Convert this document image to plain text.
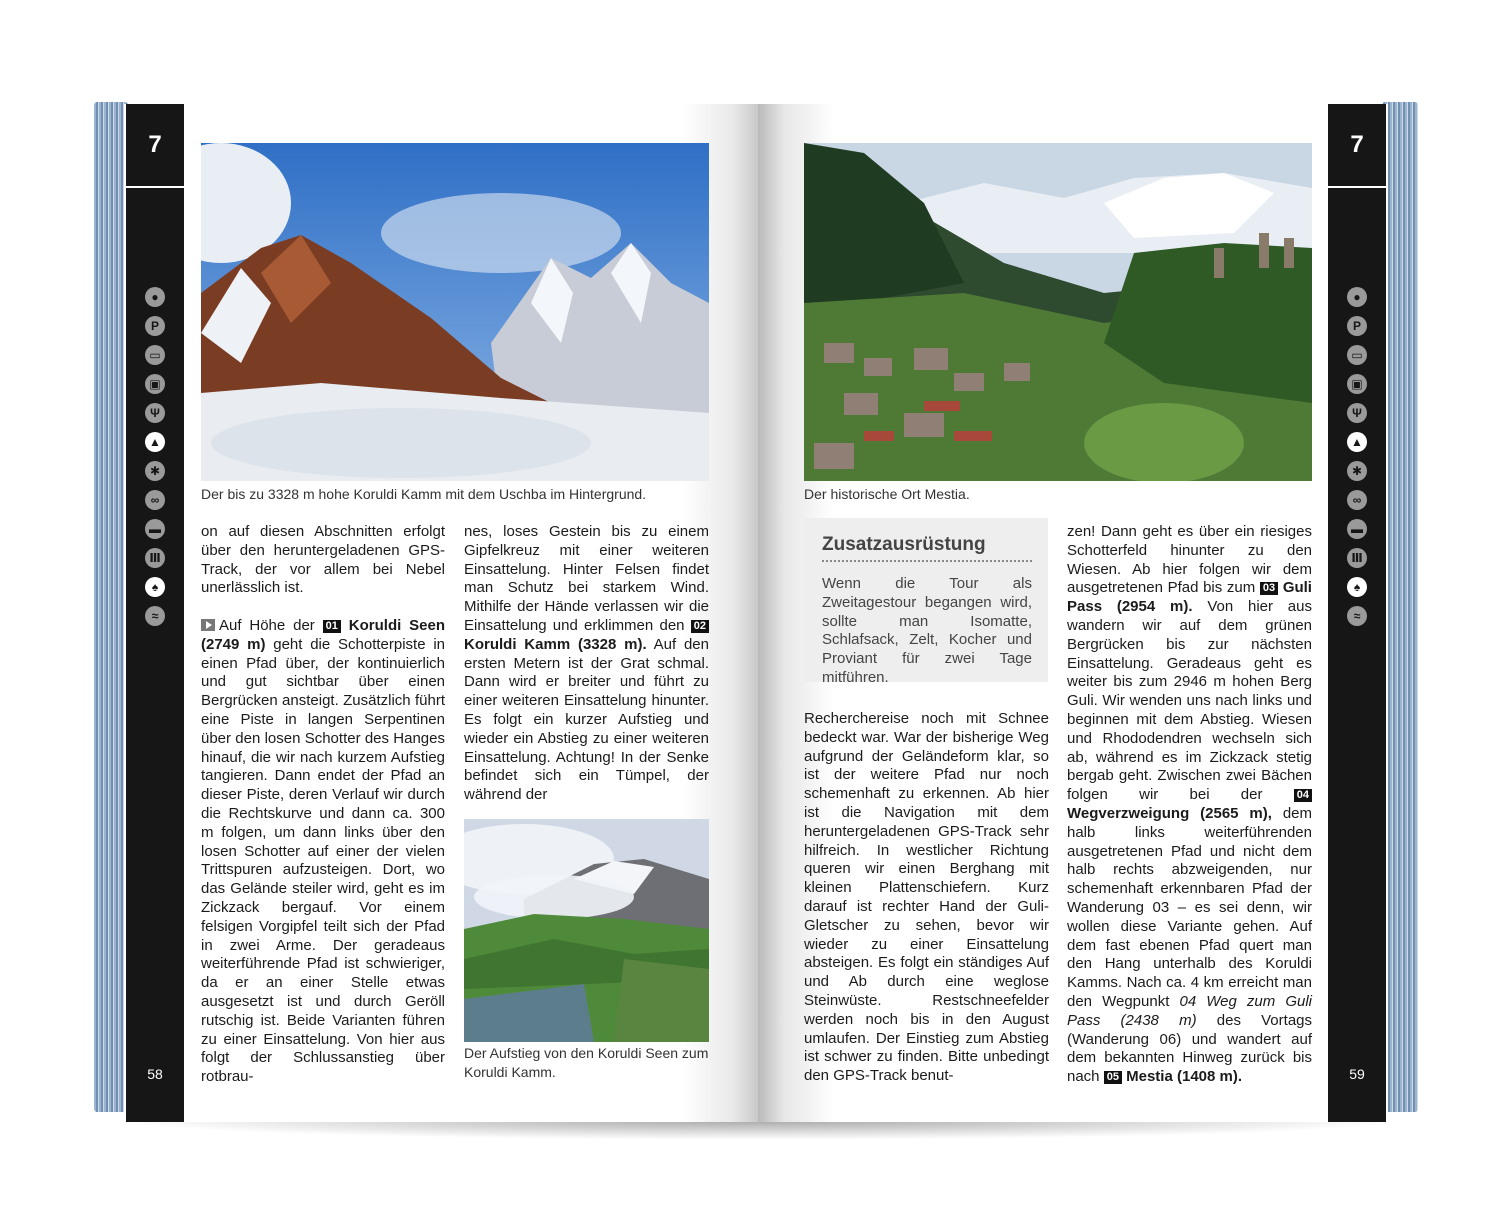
7
●
P
▭
▣
Ψ
▲
✱
∞
▬
Ⅲ
♠
≈
58
Der bis zu 3328 m hohe Koruldi Kamm mit dem Uschba im Hintergrund.

on auf diesen Abschnitten erfolgt über den heruntergeladenen GPS-Track, der vor allem bei Nebel unerlässlich ist.

Auf Höhe der 01 Koruldi Seen (2749 m) geht die Schotterpiste in einen Pfad über, der kontinuierlich und gut sichtbar über einen Bergrücken ansteigt. Zusätzlich führt eine Piste in langen Serpentinen über den losen Schotter des Hanges hinauf, die wir nach kurzem Aufstieg tangieren. Dann endet der Pfad an dieser Piste, deren Verlauf wir durch die Rechtskurve und dann ca. 300 m folgen, um dann links über den losen Schotter auf einer der vielen Trittspuren aufzusteigen. Dort, wo das Gelände steiler wird, geht es im Zickzack bergauf. Vor einem felsigen Vorgipfel teilt sich der Pfad in zwei Arme. Der geradeaus weiterführende Pfad ist schwieriger, da er an einer Stelle etwas ausgesetzt ist und durch Geröll rutschig ist. Beide Varianten führen zu einer Einsattelung. Von hier aus folgt der Schlussanstieg über rotbrau-

nes, loses Gestein bis zu einem Gipfelkreuz mit einer weiteren Einsattelung. Hinter Felsen findet man Schutz bei starkem Wind. Mithilfe der Hände verlassen wir die Einsattelung und erklimmen den 02 Koruldi Kamm (3328 m). Auf den ersten Metern ist der Grat schmal. Dann wird er breiter und führt zu einer weiteren Einsattelung hinunter. Es folgt ein kurzer Aufstieg und wieder ein Abstieg zu einer weiteren Einsattelung. Achtung! In der Senke befindet sich ein Tümpel, der während der

Der Aufstieg von den Koruldi Seen zum Koruldi Kamm.
7
●
P
▭
▣
Ψ
▲
✱
∞
▬
Ⅲ
♠
≈
59
Der historische Ort Mestia.
Zusatzausrüstung
Wenn die Tour als Zweitagestour begangen wird, sollte man Isomatte, Schlafsack, Zelt, Kocher und Proviant für zwei Tage mitführen.

Recherchereise noch mit Schnee bedeckt war. War der bisherige Weg aufgrund der Geländeform klar, so ist der weitere Pfad nur noch schemenhaft zu erkennen. Ab hier ist die Navigation mit dem heruntergeladenen GPS-Track sehr hilfreich. In westlicher Richtung queren wir einen Berghang mit kleinen Plattenschiefern. Kurz darauf ist rechter Hand der Guli-Gletscher zu sehen, bevor wir wieder zu einer Einsattelung absteigen. Es folgt ein ständiges Auf und Ab durch eine weglose Steinwüste. Restschneefelder werden noch bis in den August umlaufen. Der Einstieg zum Abstieg ist schwer zu finden. Bitte unbedingt den GPS-Track benut-

zen! Dann geht es über ein riesiges Schotterfeld hinunter zu den Wiesen. Ab hier folgen wir dem ausgetretenen Pfad bis zum 03 Guli Pass (2954 m). Von hier aus wandern wir auf dem grünen Bergrücken bis zur nächsten Einsattelung. Geradeaus geht es weiter bis zum 2946 m hohen Berg Guli. Wir wenden uns nach links und beginnen mit dem Abstieg. Wiesen und Rhododendren wechseln sich ab, während es im Zickzack stetig bergab geht. Zwischen zwei Bächen folgen wir bei der	04 Wegverzweigung (2565 m), dem halb links weiterführenden ausgetretenen Pfad und nicht dem halb rechts abzweigenden, nur schemenhaft erkennbaren Pfad der Wanderung 03 – es sei denn, wir wollen diese Variante gehen. Auf dem fast ebenen Pfad quert man den Hang unterhalb des Koruldi Kamms. Nach ca. 4 km erreicht man den Wegpunkt 04 Weg zum Guli Pass (2438 m) des Vortags (Wanderung 06) und wandert auf dem bekannten Hinweg zurück bis nach 05 Mestia (1408 m).
